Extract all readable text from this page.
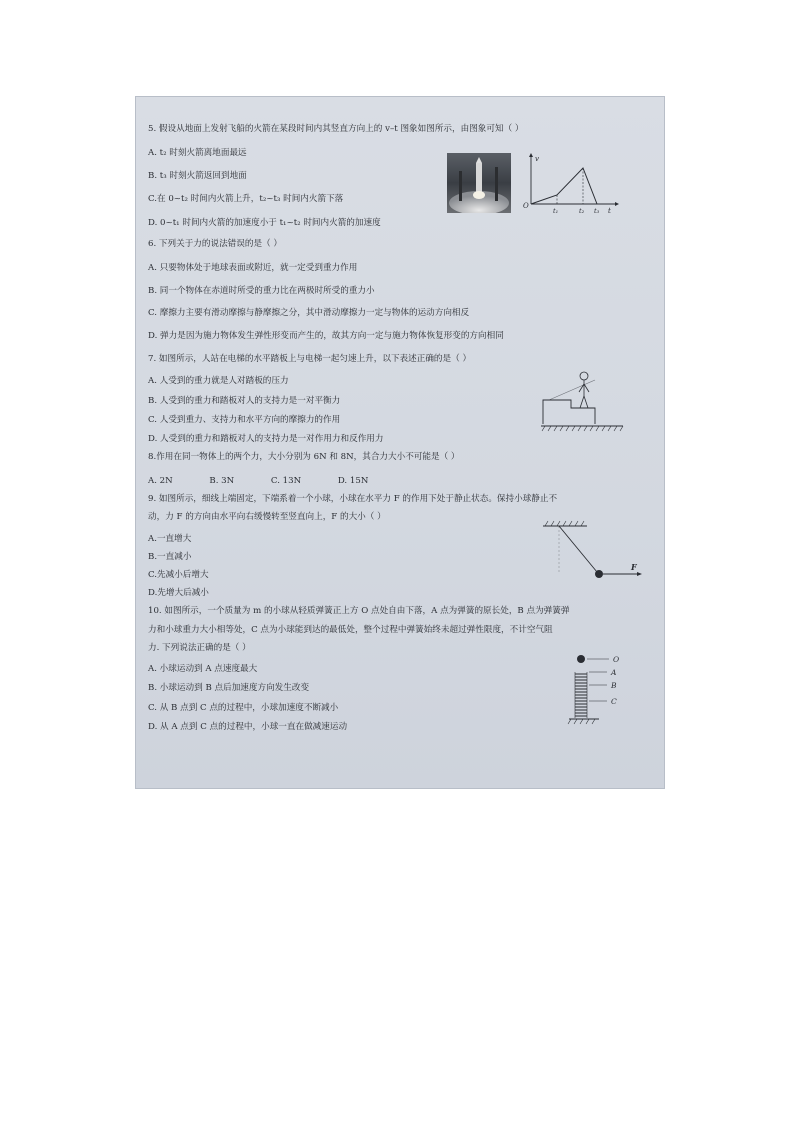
5. 假设从地面上发射飞船的火箭在某段时间内其竖直方向上的 v–t 图象如图所示，由图象可知（ ）
A. t₂ 时刻火箭离地面最远
B. t₃ 时刻火箭返回到地面
C.在 0~t₂ 时间内火箭上升，t₂~t₃ 时间内火箭下落
D. 0~t₁ 时间内火箭的加速度小于 t₁~t₂ 时间内火箭的加速度
v
O
t₁	t₂ t₃ t
6. 下列关于力的说法错误的是（ ）
A. 只要物体处于地球表面或附近，就一定受到重力作用
B. 同一个物体在赤道时所受的重力比在两极时所受的重力小
C. 摩擦力主要有滑动摩擦与静摩擦之分，其中滑动摩擦力一定与物体的运动方向相反
D. 弹力是因为施力物体发生弹性形变而产生的，故其方向一定与施力物体恢复形变的方向相同
7. 如图所示，人站在电梯的水平踏板上与电梯一起匀速上升，以下表述正确的是（ ）
A. 人受到的重力就是人对踏板的压力
B. 人受到的重力和踏板对人的支持力是一对平衡力
C. 人受到重力、支持力和水平方向的摩擦力的作用
D. 人受到的重力和踏板对人的支持力是一对作用力和反作用力
8.作用在同一物体上的两个力，大小分别为 6N 和 8N，其合力大小不可能是（ ）
A. 2N	B. 3N	C. 13N	D. 15N
9. 如图所示，细线上端固定，下端系着一个小球，小球在水平力 F 的作用下处于静止状态。保持小球静止不
动，力 F 的方向由水平向右缓慢转至竖直向上，F 的大小（ ）
A.一直增大
B.一直减小
C.先减小后增大
D.先增大后减小
F
10. 如图所示，一个质量为 m 的小球从轻质弹簧正上方 O 点处自由下落，A 点为弹簧的原长处，B 点为弹簧弹
力和小球重力大小相等处，C 点为小球能到达的最低处，整个过程中弹簧始终未超过弹性限度，不计空气阻
力. 下列说法正确的是（ ）
A. 小球运动到 A 点速度最大
B. 小球运动到 B 点后加速度方向发生改变
C. 从 B 点到 C 点的过程中，小球加速度不断减小
D. 从 A 点到 C 点的过程中，小球一直在做减速运动
O
A
B
C
